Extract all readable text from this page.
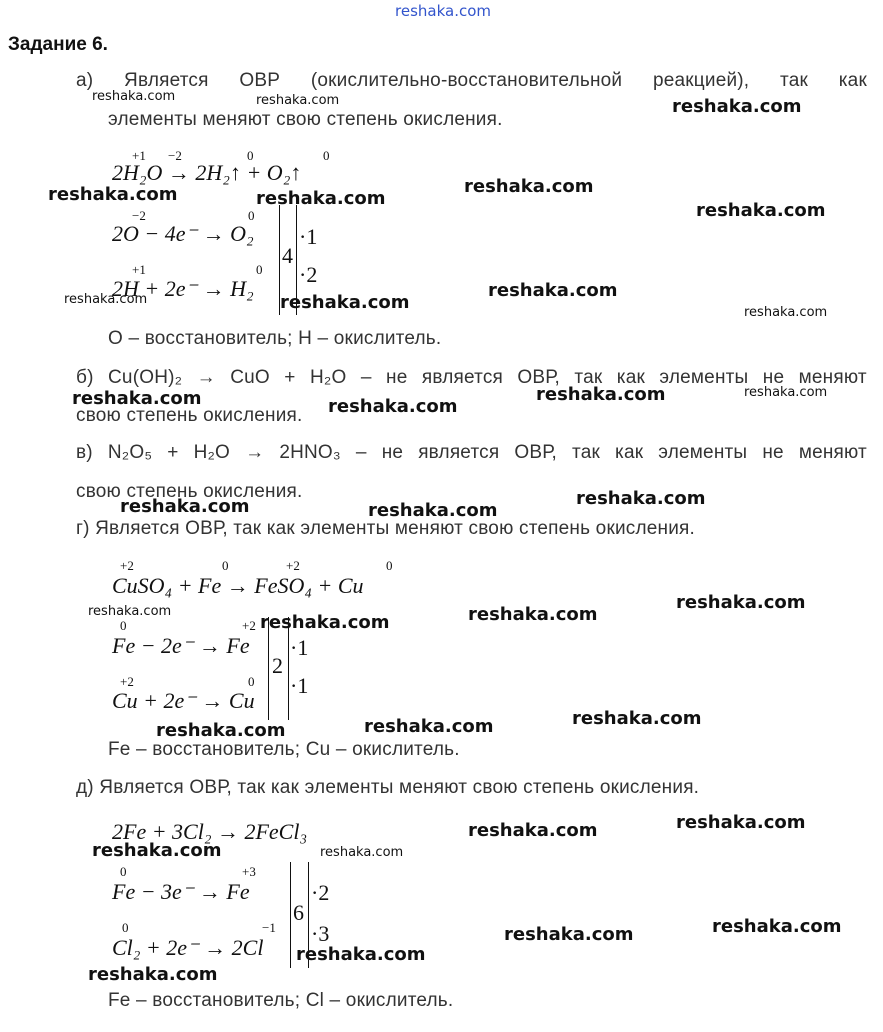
reshaka.com
Задание 6.
а) Является ОВР (окислительно-восстановительной реакцией), так как
элементы меняют свою степень окисления.
+1 −2	0	0
2H₂O → 2H₂↑ + O₂↑
−2	0
2O − 4e⁻ → O₂
+1	0
2H + 2e⁻ → H₂
4
·1
·2
O – восстановитель; Н – окислитель.
б) Cu(OH)₂ → CuO + H₂O – не является ОВР, так как элементы не меняют
свою степень окисления.
в) N₂O₅ + H₂O → 2HNO₃ – не является ОВР, так как элементы не меняют
свою степень окисления.
г) Является ОВР, так как элементы меняют свою степень окисления.
+2	0	+2	0
CuSO₄ + Fe → FeSO₄ + Cu
0	+2
Fe − 2e⁻ → Fe
+2	0
Cu + 2e⁻ → Cu
2
·1
·1
Fe – восстановитель; Cu – окислитель.
д) Является ОВР, так как элементы меняют свою степень окисления.
2Fe + 3Cl₂ → 2FeCl₃
0	+3
Fe − 3e⁻ → Fe
0	−1
Cl₂ + 2e⁻ → 2Cl
6
·2
·3
Fe – восстановитель; Cl – окислитель.
reshaka.com	reshaka.com	reshaka.com
reshaka.com	reshaka.com
reshaka.com
reshaka.com
reshaka.com	reshaka.com
reshaka.com
reshaka.com
reshaka.com	reshaka.com
reshaka.com	reshaka.com
reshaka.com	reshaka.com
reshaka.com
reshaka.com
reshaka.com	reshaka.com
reshaka.com
reshaka.com	reshaka.com	reshaka.com
reshaka.com	reshaka.com
reshaka.com	reshaka.com
reshaka.com	reshaka.com
reshaka.com
reshaka.com
